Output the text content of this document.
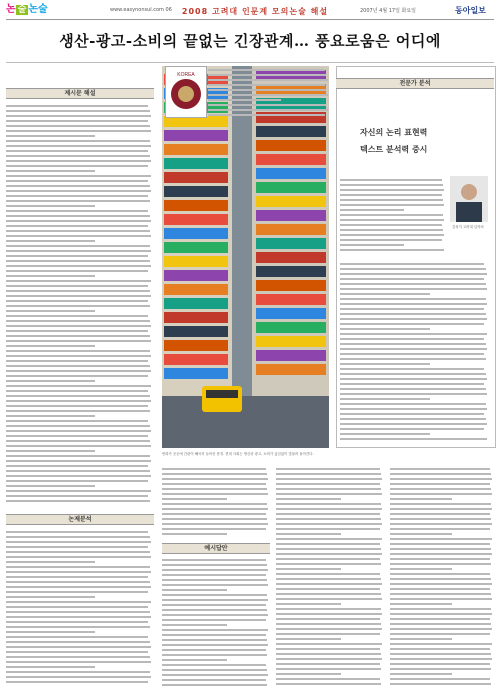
논 술 논술	www.easynonsul.com 06	2008 고려대 인문계 모의논술 해설	2007년 4월 17일 화요일	동아일보
생산-광고-소비의 끝없는 긴장관계… 풍요로움은 어디에
제시문 해설
논제분석
KOREA
번화가 곳곳에 간판이 빼곡히 들어선 풍경. 현대 사회는 생산과 광고, 소비가 끊임없이 맞물려 돌아간다.
예시답안
전문가 분석
자신의 논리 표현력
텍스트 분석력 중시
김성지 고려대 입학처
